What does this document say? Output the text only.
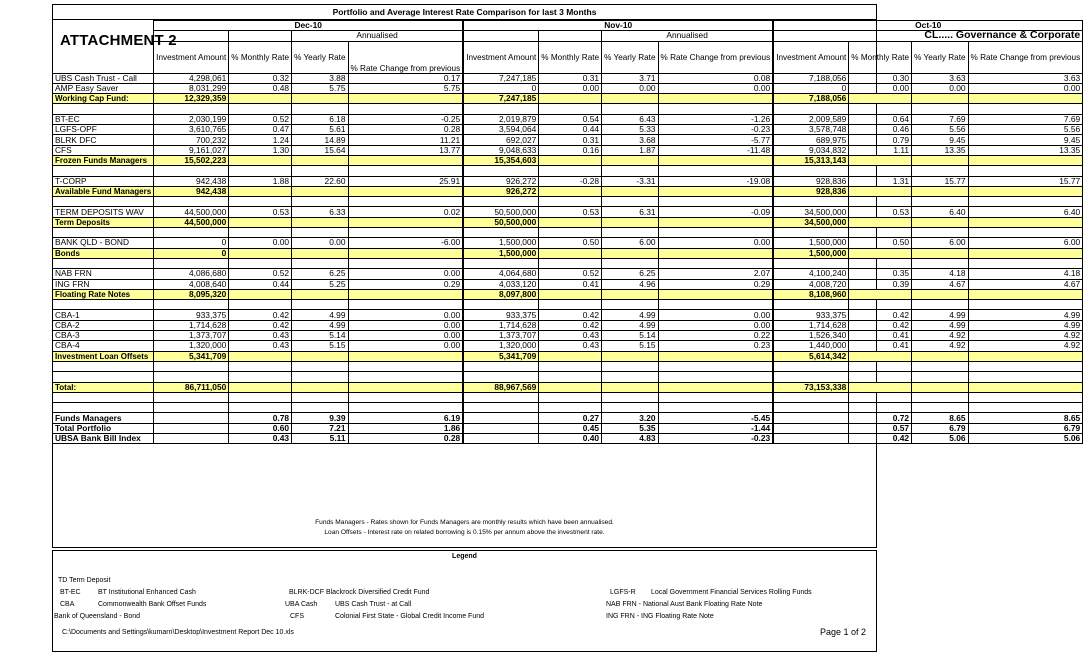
Portfolio and Average Interest Rate Comparison for last 3 Months
	Dec-10				Nov-10				Oct-10			
			Annualised				Annualised		CL..... Governance & Corporate			
	Investment Amount	% Monthly Rate	% Yearly Rate	% Rate Change from previous	Investment Amount	% Monthly Rate	% Yearly Rate	% Rate Change from previous	Investment Amount	% Monthly Rate	% Yearly Rate	% Rate Change from previous
UBS Cash Trust - Call	4,298,061	0.32	3.88	0.17	7,247,185	0.31	3.71	0.08	7,188,056	0.30	3.63	3.63
AMP Easy Saver	8,031,299	0.48	5.75	5.75	0	0.00	0.00	0.00	0	0.00	0.00	0.00
Working Cap Fund:	12,329,359				7,247,185				7,188,056			

BT-EC	2,030,199	0.52	6.18	-0.25	2,019,879	0.54	6.43	-1.26	2,009,589	0.64	7.69	7.69
LGFS-OPF	3,610,765	0.47	5.61	0.28	3,594,064	0.44	5.33	-0.23	3,578,748	0.46	5.56	5.56
BLRK DFC	700,232	1.24	14.89	11.21	692,027	0.31	3.68	-5.77	689,975	0.79	9.45	9.45
CFS	9,161,027	1.30	15.64	13.77	9,048,633	0.16	1.87	-11.48	9,034,832	1.11	13.35	13.35
Frozen Funds Managers	15,502,223				15,354,603				15,313,143			

T-CORP	942,438	1.88	22.60	25.91	926,272	-0.28	-3.31	-19.08	928,836	1.31	15.77	15.77
Available Fund Managers	942,438				926,272				928,836			

TERM DEPOSITS WAV	44,500,000	0.53	6.33	0.02	50,500,000	0.53	6.31	-0.09	34,500,000	0.53	6.40	6.40
Term Deposits	44,500,000				50,500,000				34,500,000			

BANK QLD - BOND	0	0.00	0.00	-6.00	1,500,000	0.50	6.00	0.00	1,500,000	0.50	6.00	6.00
Bonds	0				1,500,000				1,500,000			

NAB FRN	4,086,680	0.52	6.25	0.00	4,064,680	0.52	6.25	2.07	4,100,240	0.35	4.18	4.18
ING FRN	4,008,640	0.44	5.25	0.29	4,033,120	0.41	4.96	0.29	4,008,720	0.39	4.67	4.67
Floating Rate Notes	8,095,320				8,097,800				8,108,960			

CBA-1	933,375	0.42	4.99	0.00	933,375	0.42	4.99	0.00	933,375	0.42	4.99	4.99
CBA-2	1,714,628	0.42	4.99	0.00	1,714,628	0.42	4.99	0.00	1,714,628	0.42	4.99	4.99
CBA-3	1,373,707	0.43	5.14	0.00	1,373,707	0.43	5.14	0.22	1,526,340	0.41	4.92	4.92
CBA-4	1,320,000	0.43	5.15	0.00	1,320,000	0.43	5.15	0.23	1,440,000	0.41	4.92	4.92
Investment Loan Offsets	5,341,709				5,341,709				5,614,342			

Total:	86,711,050				88,967,569				73,153,338			

Funds Managers		0.78	9.39	6.19		0.27	3.20	-5.45		0.72	8.65	8.65
Total Portfolio		0.60	7.21	1.86		0.45	5.35	-1.44		0.57	6.79	6.79
UBSA Bank Bill Index		0.43	5.11	0.28		0.40	4.83	-0.23		0.42	5.06	5.06
ATTACHMENT 2
Funds Managers - Rates shown for Funds Managers are monthly results which have been annualised.
Loan Offsets - Interest rate on related borrowing is 0.15% per annum above the investment rate.
Legend
TD Term Deposit
BT-EC BT Institutional Enhanced Cash
CBA	Commonwealth Bank Offset Funds
Bank of Queensland - Bond
BLRK-DCF Blackrock Diversified Credit Fund
UBA Cash	UBS Cash Trust - at Call
CFS	Colonial First State - Global Credit Income Fund
LGFS-R Local Government Financial Services Rolling Funds
NAB FRN - National Aust Bank Floating Rate Note
ING FRN - ING Floating Rate Note
C:\Documents and Settings\kumarn\Desktop\Investment Report Dec 10.xls	Page 1 of 2
